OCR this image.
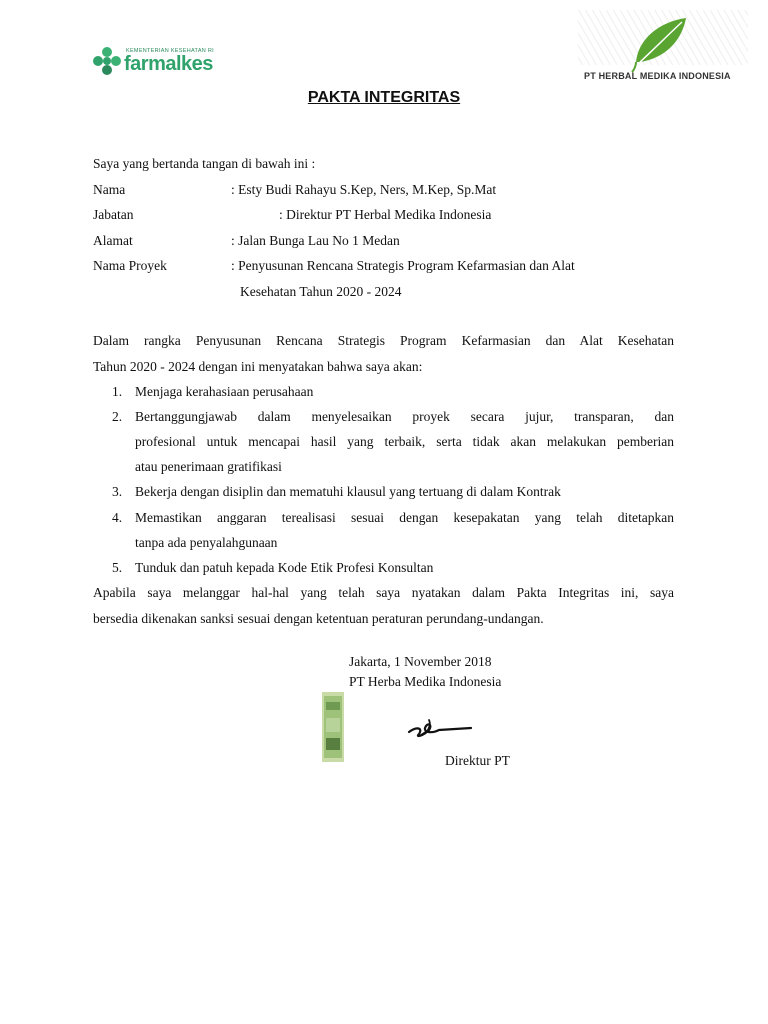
KEMENTERIAN KESEHATAN RI
farmalkes
PT HERBAL MEDIKA INDONESIA
PAKTA INTEGRITAS
Saya yang bertanda tangan di bawah ini :
Nama	: Esty Budi Rahayu S.Kep, Ners, M.Kep, Sp.Mat
Jabatan	: Direktur PT Herbal Medika Indonesia
Alamat	: Jalan Bunga Lau No 1 Medan
Nama Proyek	: Penyusunan Rencana Strategis Program Kefarmasian dan Alat
Kesehatan Tahun 2020 - 2024
Dalam rangka Penyusunan Rencana Strategis Program Kefarmasian dan Alat Kesehatan
Tahun 2020 - 2024 dengan ini menyatakan bahwa saya akan:
1. Menjaga kerahasiaan perusahaan
2. Bertanggungjawab dalam menyelesaikan proyek secara jujur, transparan, dan
profesional untuk mencapai hasil yang terbaik, serta tidak akan melakukan pemberian
atau penerimaan gratifikasi
3. Bekerja dengan disiplin dan mematuhi klausul yang tertuang di dalam Kontrak
4. Memastikan anggaran terealisasi sesuai dengan kesepakatan yang telah ditetapkan
tanpa ada penyalahgunaan
5. Tunduk dan patuh kepada Kode Etik Profesi Konsultan
Apabila saya melanggar hal-hal yang telah saya nyatakan dalam Pakta Integritas ini, saya
bersedia dikenakan sanksi sesuai dengan ketentuan peraturan perundang-undangan.
Jakarta, 1 November 2018
PT Herba Medika Indonesia
Direktur PT
